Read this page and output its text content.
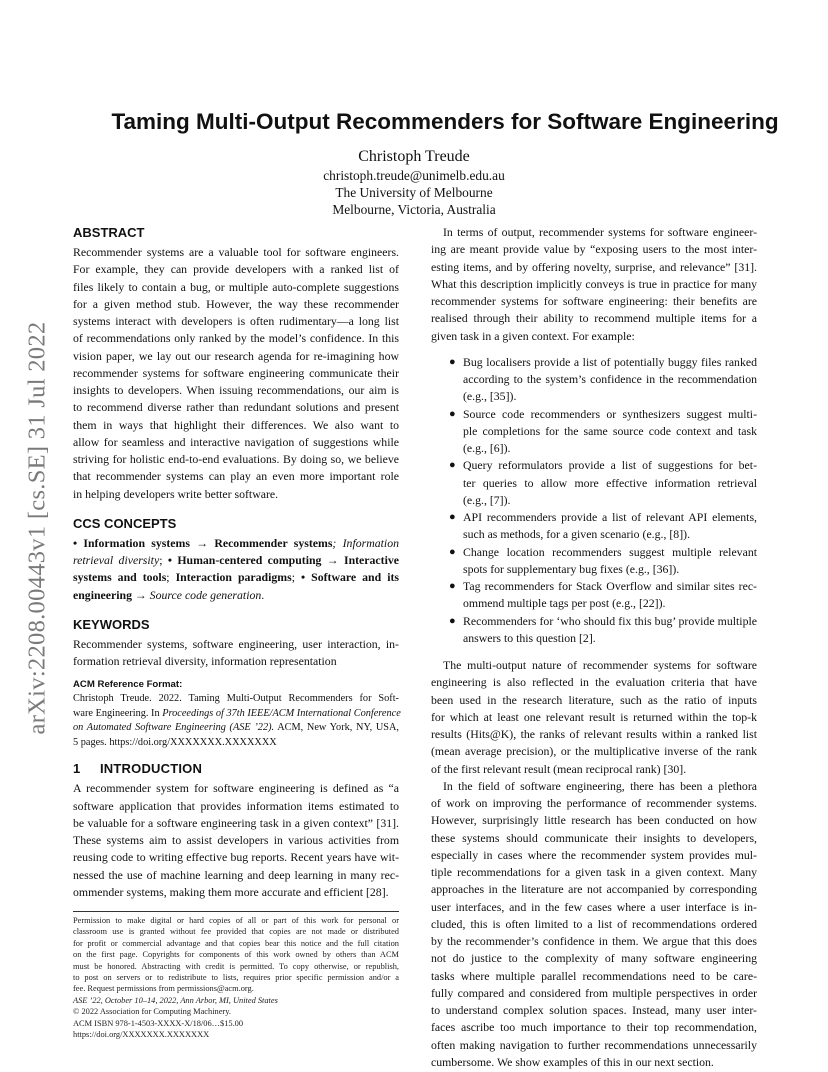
arXiv:2208.00443v1 [cs.SE] 31 Jul 2022
Taming Multi-Output Recommenders for Software Engineering
Christoph Treude
christoph.treude@unimelb.edu.au
The University of Melbourne
Melbourne, Victoria, Australia
ABSTRACT
Recommender systems are a valuable tool for software engineers.
For example, they can provide developers with a ranked list of
files likely to contain a bug, or multiple auto-complete suggestions
for a given method stub. However, the way these recommender
systems interact with developers is often rudimentary—a long list
of recommendations only ranked by the model’s confidence. In this
vision paper, we lay out our research agenda for re-imagining how
recommender systems for software engineering communicate their
insights to developers. When issuing recommendations, our aim is
to recommend diverse rather than redundant solutions and present
them in ways that highlight their differences. We also want to
allow for seamless and interactive navigation of suggestions while
striving for holistic end-to-end evaluations. By doing so, we believe
that recommender systems can play an even more important role
in helping developers write better software.
CCS CONCEPTS
• Information systems → Recommender systems; Information
retrieval diversity; • Human-centered computing → Interactive
systems and tools; Interaction paradigms; • Software and its
engineering → Source code generation.
KEYWORDS
Recommender systems, software engineering, user interaction, in-
formation retrieval diversity, information representation
ACM Reference Format:
Christoph Treude. 2022. Taming Multi-Output Recommenders for Soft-
ware Engineering. In Proceedings of 37th IEEE/ACM International Conference
on Automated Software Engineering (ASE ’22). ACM, New York, NY, USA,
5 pages. https://doi.org/XXXXXXX.XXXXXXX
1 INTRODUCTION
A recommender system for software engineering is defined as “a
software application that provides information items estimated to
be valuable for a software engineering task in a given context” [31].
These systems aim to assist developers in various activities from
reusing code to writing effective bug reports. Recent years have wit-
nessed the use of machine learning and deep learning in many rec-
ommender systems, making them more accurate and efficient [28].
Permission to make digital or hard copies of all or part of this work for personal or
classroom use is granted without fee provided that copies are not made or distributed
for profit or commercial advantage and that copies bear this notice and the full citation
on the first page. Copyrights for components of this work owned by others than ACM
must be honored. Abstracting with credit is permitted. To copy otherwise, or republish,
to post on servers or to redistribute to lists, requires prior specific permission and/or a
fee. Request permissions from permissions@acm.org.
ASE ’22, October 10–14, 2022, Ann Arbor, MI, United States
© 2022 Association for Computing Machinery.
ACM ISBN 978-1-4503-XXXX-X/18/06…$15.00
https://doi.org/XXXXXXX.XXXXXXX
In terms of output, recommender systems for software engineer-
ing are meant provide value by “exposing users to the most inter-
esting items, and by offering novelty, surprise, and relevance” [31].
What this description implicitly conveys is true in practice for many
recommender systems for software engineering: their benefits are
realised through their ability to recommend multiple items for a
given task in a given context. For example:
● Bug localisers provide a list of potentially buggy files ranked
according to the system’s confidence in the recommendation
(e.g., [35]).
● Source code recommenders or synthesizers suggest multi-
ple completions for the same source code context and task
(e.g., [6]).
● Query reformulators provide a list of suggestions for bet-
ter queries to allow more effective information retrieval
(e.g., [7]).
● API recommenders provide a list of relevant API elements,
such as methods, for a given scenario (e.g., [8]).
● Change location recommenders suggest multiple relevant
spots for supplementary bug fixes (e.g., [36]).
● Tag recommenders for Stack Overflow and similar sites rec-
ommend multiple tags per post (e.g., [22]).
● Recommenders for ‘who should fix this bug’ provide multiple
answers to this question [2].
The multi-output nature of recommender systems for software
engineering is also reflected in the evaluation criteria that have
been used in the research literature, such as the ratio of inputs
for which at least one relevant result is returned within the top-k
results (Hits@K), the ranks of relevant results within a ranked list
(mean average precision), or the multiplicative inverse of the rank
of the first relevant result (mean reciprocal rank) [30].
In the field of software engineering, there has been a plethora
of work on improving the performance of recommender systems.
However, surprisingly little research has been conducted on how
these systems should communicate their insights to developers,
especially in cases where the recommender system provides mul-
tiple recommendations for a given task in a given context. Many
approaches in the literature are not accompanied by corresponding
user interfaces, and in the few cases where a user interface is in-
cluded, this is often limited to a list of recommendations ordered
by the recommender’s confidence in them. We argue that this does
not do justice to the complexity of many software engineering
tasks where multiple parallel recommendations need to be care-
fully compared and considered from multiple perspectives in order
to understand complex solution spaces. Instead, many user inter-
faces ascribe too much importance to their top recommendation,
often making navigation to further recommendations unnecessarily
cumbersome. We show examples of this in our next section.
